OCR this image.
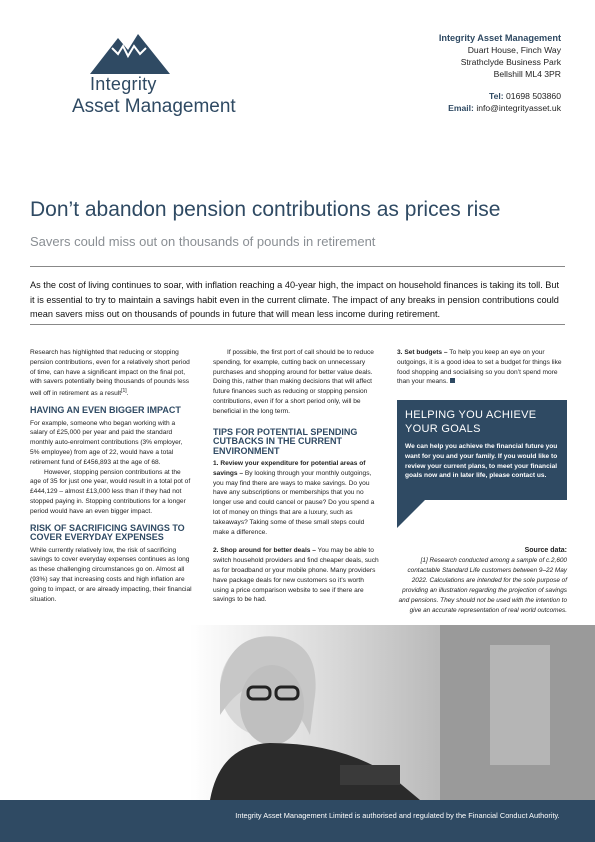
Integrity
Asset Management
Integrity Asset Management
Duart House, Finch Way
Strathclyde Business Park
Bellshill ML4 3PR
Tel: 01698 503860
Email: info@integrityasset.uk
Don’t abandon pension contributions as prices rise
Savers could miss out on thousands of pounds in retirement
As the cost of living continues to soar, with inflation reaching a 40-year high, the impact on household finances is taking its toll. But it is essential to try to maintain a savings habit even in the current climate. The impact of any breaks in pension contributions could mean savers miss out on thousands of pounds in future that will mean less income during retirement.

Research has highlighted that reducing or stopping pension contributions, even for a relatively short period of time, can have a significant impact on the final pot, with savers potentially being thousands of pounds less well off in retirement as a result[1].

HAVING AN EVEN BIGGER IMPACT

For example, someone who began working with a salary of £25,000 per year and paid the standard monthly auto-enrolment contributions (3% employer, 5% employee) from age of 22, would have a total retirement fund of £456,893 at the age of 68.

However, stopping pension contributions at the age of 35 for just one year, would result in a total pot of £444,129 – almost £13,000 less than if they had not stopped paying in. Stopping contributions for a longer period would have an even bigger impact.

RISK OF SACRIFICING SAVINGS TO COVER EVERYDAY EXPENSES

While currently relatively low, the risk of sacrificing savings to cover everyday expenses continues as long as these challenging circumstances go on. Almost all (93%) say that increasing costs and high inflation are going to impact, or are already impacting, their financial situation.

If possible, the first port of call should be to reduce spending, for example, cutting back on unnecessary purchases and shopping around for better value deals. Doing this, rather than making decisions that will affect future finances such as reducing or stopping pension contributions, even if for a short period only, will be beneficial in the long term.

TIPS FOR POTENTIAL SPENDING CUTBACKS IN THE CURRENT ENVIRONMENT

1. Review your expenditure for potential areas of savings – By looking through your monthly outgoings, you may find there are ways to make savings. Do you have any subscriptions or memberships that you no longer use and could cancel or pause? Do you spend a lot of money on things that are a luxury, such as takeaways? Taking some of these small steps could make a difference.

2. Shop around for better deals – You may be able to switch household providers and find cheaper deals, such as for broadband or your mobile phone. Many providers have package deals for new customers so it’s worth using a price comparison website to see if there are savings to be had.

3. Set budgets – To help you keep an eye on your outgoings, it is a good idea to set a budget for things like food shopping and socialising so you don’t spend more than your means.

HELPING YOU ACHIEVE YOUR GOALS
We can help you achieve the financial future you want for you and your family. If you would like to review your current plans, to meet your financial goals now and in later life, please contact us.
Source data:
[1] Research conducted among a sample of c.2,600 contactable Standard Life customers between 9–22 May 2022. Calculations are intended for the sole purpose of providing an illustration regarding the projection of savings and pensions. They should not be used with the intention to give an accurate representation of real world outcomes.
Integrity Asset Management Limited is authorised and regulated by the Financial Conduct Authority.
